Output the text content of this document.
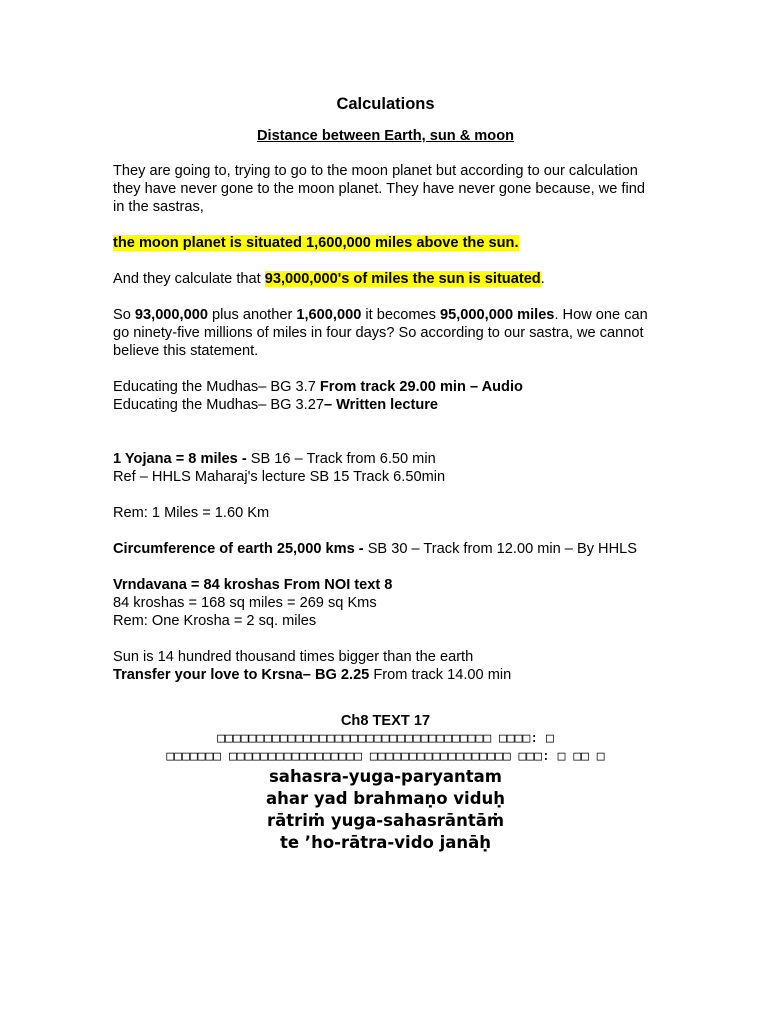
Calculations
Distance between Earth, sun & moon

They are going to, trying to go to the moon planet but according to our calculation they have never gone to the moon planet. They have never gone because, we find in the sastras,

the moon planet is situated 1,600,000 miles above the sun.

And they calculate that 93,000,000's of miles the sun is situated.

So 93,000,000 plus another 1,600,000 it becomes 95,000,000 miles. How one can go ninety-five millions of miles in four days? So according to our sastra, we cannot believe this statement.

Educating the Mudhas– BG 3.7 From track 29.00 min – Audio

Educating the Mudhas– BG 3.27– Written lecture

1 Yojana = 8 miles - SB 16 – Track from 6.50 min

Ref – HHLS Maharaj's lecture SB 15 Track 6.50min

Rem: 1 Miles = 1.60 Km

Circumference of earth 25,000 kms - SB 30 – Track from 12.00 min – By HHLS

Vrndavana = 84 kroshas From NOI text 8

84 kroshas = 168 sq miles = 269 sq Kms

Rem: One Krosha = 2 sq. miles

Sun is 14 hundred thousand times bigger than the earth

Transfer your love to Krsna– BG 2.25 From track 14.00 min

Ch8 TEXT 17
□□□□□□□□□□□□□□□□□□□□□□□□□□□□□□□□□□□ □□□□: □
□□□□□□□ □□□□□□□□□□□□□□□□□ □□□□□□□□□□□□□□□□□□ □□□: □ □□ □
sahasra-yuga-paryantam
ahar yad brahmaṇo viduḥ
rātriṁ yuga-sahasrāntāṁ
te ’ho-rātra-vido janāḥ
